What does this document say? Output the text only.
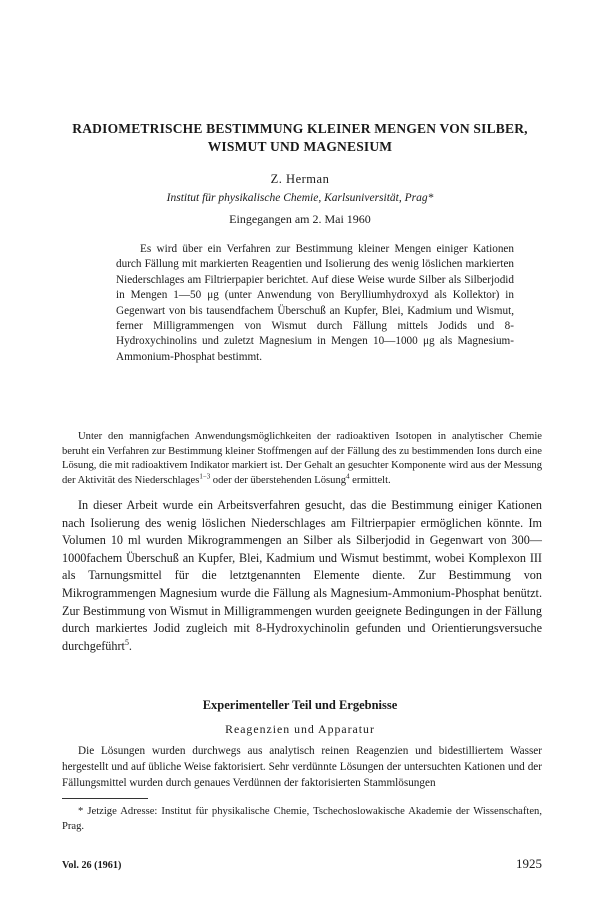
RADIOMETRISCHE BESTIMMUNG KLEINER MENGEN VON SILBER,
WISMUT UND MAGNESIUM
Z. Herman
Institut für physikalische Chemie, Karlsuniversität, Prag*
Eingegangen am 2. Mai 1960
Es wird über ein Verfahren zur Bestimmung kleiner Mengen einiger Kationen durch Fällung mit markierten Reagentien und Isolierung des wenig löslichen markierten Niederschlages am Filtrierpapier berichtet. Auf diese Weise wurde Silber als Silberjodid in Mengen 1—50 μg (unter Anwendung von Berylliumhydroxyd als Kollektor) in Gegenwart von bis tausendfachem Überschuß an Kupfer, Blei, Kadmium und Wismut, ferner Milligrammengen von Wismut durch Fällung mittels Jodids und 8-Hydroxychinolins und zuletzt Magnesium in Mengen 10—1000 μg als Magnesium-Ammonium-Phosphat bestimmt.
Unter den mannigfachen Anwendungsmöglichkeiten der radioaktiven Isotopen in analytischer Chemie beruht ein Verfahren zur Bestimmung kleiner Stoffmengen auf der Fällung des zu bestimmenden Ions durch eine Lösung, die mit radioaktivem Indikator markiert ist. Der Gehalt an gesuchter Komponente wird aus der Messung der Aktivität des Niederschlages$^{1-3}$ oder der überstehenden Lösung$^4$ ermittelt.
In dieser Arbeit wurde ein Arbeitsverfahren gesucht, das die Bestimmung einiger Kationen nach Isolierung des wenig löslichen Niederschlages am Filtrierpapier ermöglichen könnte. Im Volumen 10 ml wurden Mikrogrammengen an Silber als Silberjodid in Gegenwart von 300—1000fachem Überschuß an Kupfer, Blei, Kadmium und Wismut bestimmt, wobei Komplexon III als Tarnungsmittel für die letztgenannten Elemente diente. Zur Bestimmung von Mikrogrammengen Magnesium wurde die Fällung als Magnesium-Ammonium-Phosphat benützt. Zur Bestimmung von Wismut in Milligrammengen wurden geeignete Bedingungen in der Fällung durch markiertes Jodid zugleich mit 8-Hydroxychinolin gefunden und Orientierungsversuche durchgeführt$^5$.
Experimenteller Teil und Ergebnisse
Reagenzien und Apparatur
Die Lösungen wurden durchwegs aus analytisch reinen Reagenzien und bidestilliertem Wasser hergestellt und auf übliche Weise faktorisiert. Sehr verdünnte Lösungen der untersuchten Kationen und der Fällungsmittel wurden durch genaues Verdünnen der faktorisierten Stammlösungen
* Jetzige Adresse: Institut für physikalische Chemie, Tschechoslowakische Akademie der Wissenschaften, Prag.
Vol. 26 (1961)	1925
